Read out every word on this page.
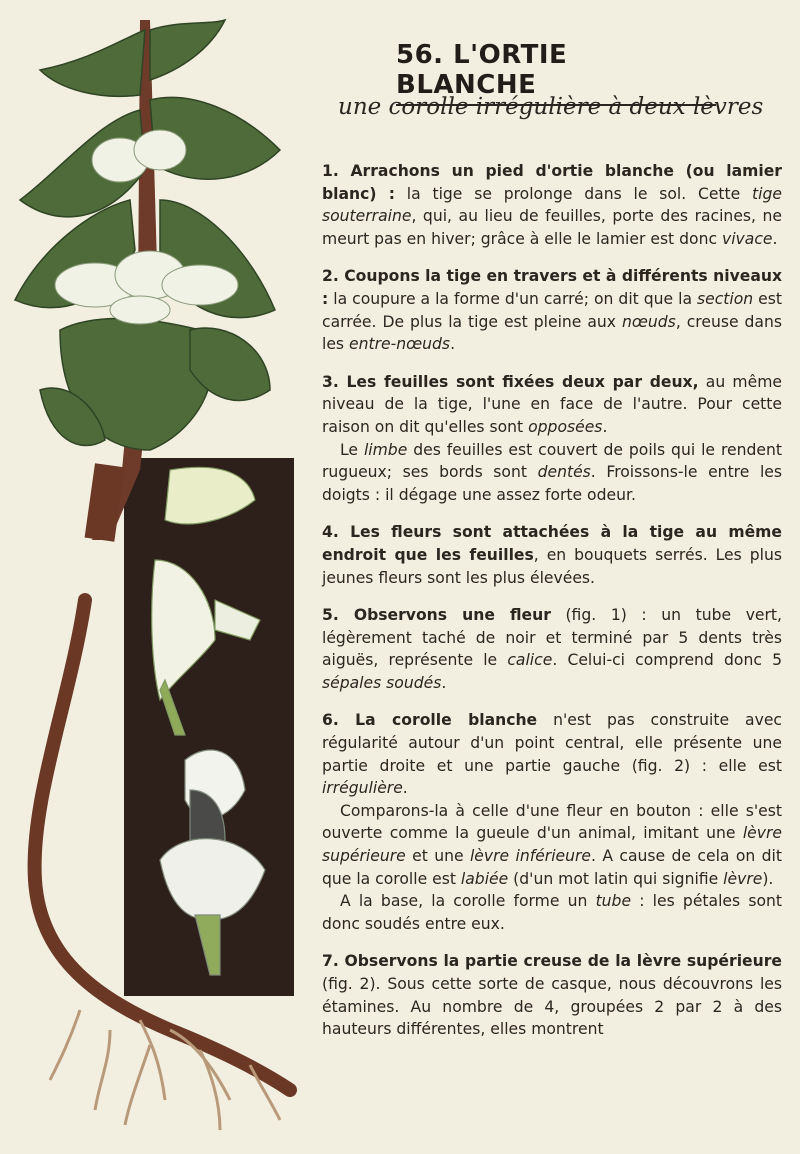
56. L'ORTIE BLANCHE
une corolle irrégulière à deux lèvres

1. Arrachons un pied d'ortie blanche (ou lamier blanc) : la tige se prolonge dans le sol. Cette tige souterraine, qui, au lieu de feuilles, porte des racines, ne meurt pas en hiver; grâce à elle le lamier est donc vivace.

2. Coupons la tige en travers et à différents niveaux : la coupure a la forme d'un carré; on dit que la section est carrée. De plus la tige est pleine aux nœuds, creuse dans les entre-nœuds.

3. Les feuilles sont fixées deux par deux, au même niveau de la tige, l'une en face de l'autre. Pour cette raison on dit qu'elles sont opposées.

Le limbe des feuilles est couvert de poils qui le rendent rugueux; ses bords sont dentés. Froissons-le entre les doigts : il dégage une assez forte odeur.

4. Les fleurs sont attachées à la tige au même endroit que les feuilles, en bouquets serrés. Les plus jeunes fleurs sont les plus élevées.

5. Observons une fleur (fig. 1) : un tube vert, légèrement taché de noir et terminé par 5 dents très aiguës, représente le calice. Celui-ci comprend donc 5 sépales soudés.

6. La corolle blanche n'est pas construite avec régularité autour d'un point central, elle présente une partie droite et une partie gauche (fig. 2) : elle est irrégulière.

Comparons-la à celle d'une fleur en bouton : elle s'est ouverte comme la gueule d'un animal, imitant une lèvre supérieure et une lèvre inférieure. A cause de cela on dit que la corolle est labiée (d'un mot latin qui signifie lèvre).

A la base, la corolle forme un tube : les pétales sont donc soudés entre eux.

7. Observons la partie creuse de la lèvre supérieure (fig. 2). Sous cette sorte de casque, nous découvrons les étamines. Au nombre de 4, groupées 2 par 2 à des hauteurs différentes, elles montrent
